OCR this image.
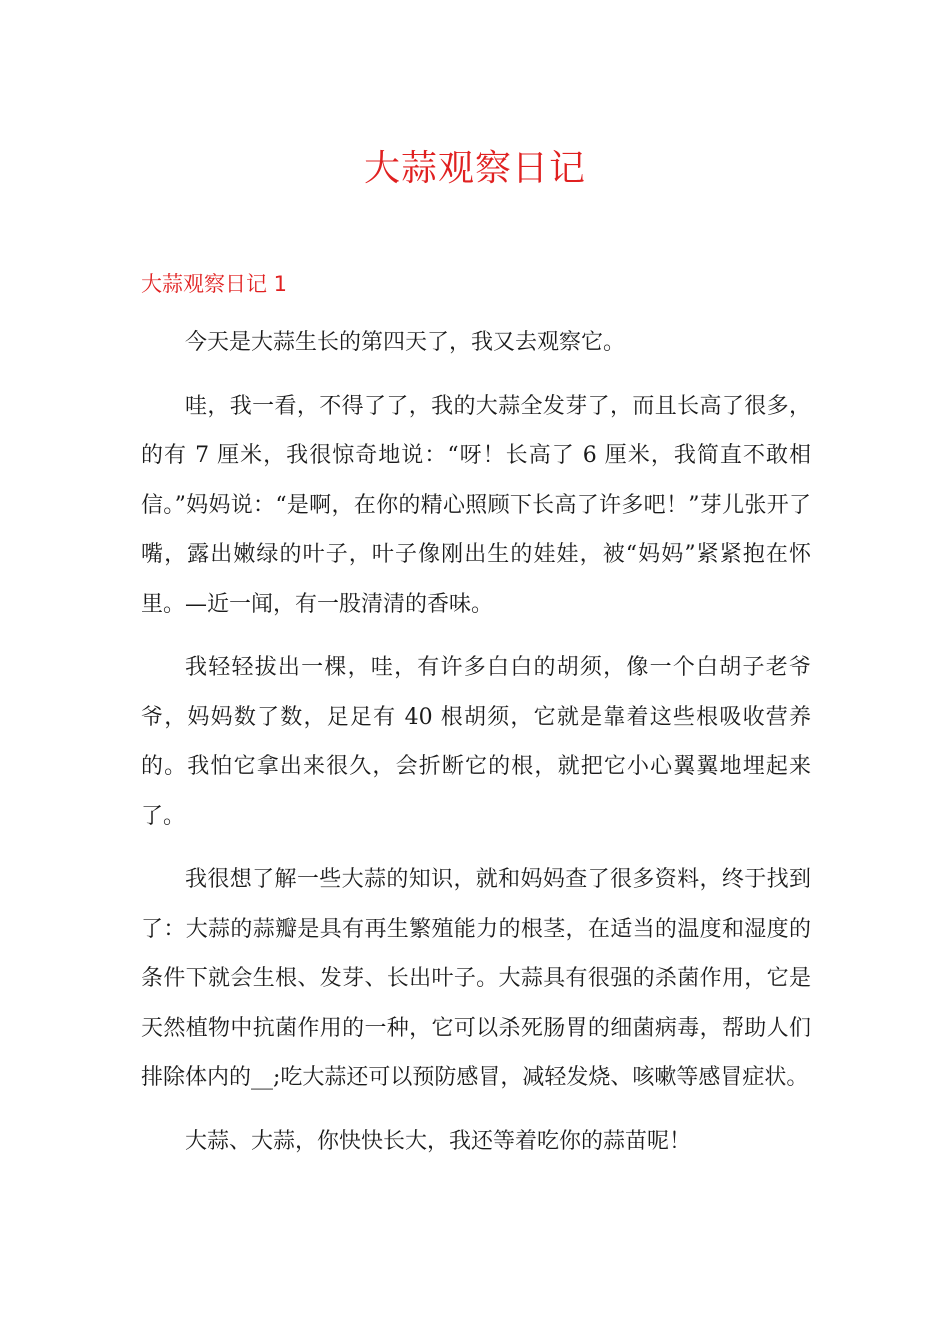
大蒜观察日记
大蒜观察日记 1

今天是大蒜生长的第四天了，我又去观察它。

哇，我一看，不得了了，我的大蒜全发芽了，而且长高了很多，的有 7 厘米，我很惊奇地说：“呀！长高了 6 厘米，我简直不敢相信。”妈妈说：“是啊，在你的精心照顾下长高了许多吧！”芽儿张开了嘴，露出嫩绿的叶子，叶子像刚出生的娃娃，被“妈妈”紧紧抱在怀里。—近一闻，有一股清清的香味。

我轻轻拔出一棵，哇，有许多白白的胡须，像一个白胡子老爷爷，妈妈数了数，足足有 40 根胡须，它就是靠着这些根吸收营养的。我怕它拿出来很久，会折断它的根，就把它小心翼翼地埋起来了。

我很想了解一些大蒜的知识，就和妈妈查了很多资料，终于找到了：大蒜的蒜瓣是具有再生繁殖能力的根茎，在适当的温度和湿度的条件下就会生根、发芽、长出叶子。大蒜具有很强的杀菌作用，它是天然植物中抗菌作用的一种，它可以杀死肠胃的细菌病毒，帮助人们排除体内的__;吃大蒜还可以预防感冒，减轻发烧、咳嗽等感冒症状。

大蒜、大蒜，你快快长大，我还等着吃你的蒜苗呢！
